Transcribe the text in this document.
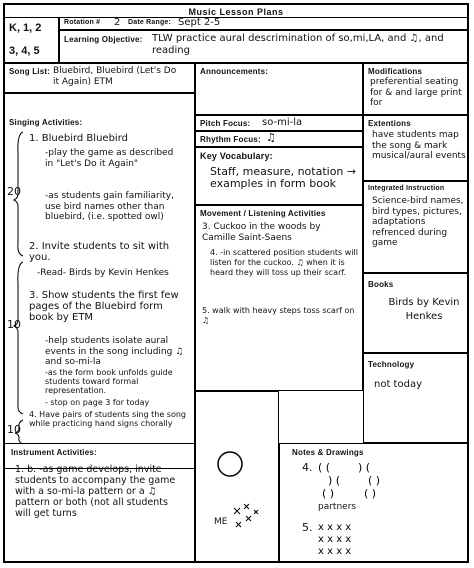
Music Lesson Plans
K, 1, 2
3, 4, 5
Rotation # 2 Date Range: Sept 2-5
Learning Objective: TLW practice aural descrimination of so,mi,LA, and ♫, and reading
Song List: Bluebird, Bluebird (Let's Do it Again) ETM
Announcements:	Modifications
preferential seating for & and large print for
Singing Activities:
20
10
10
1. Bluebird Bluebird
-play the game as described in "Let's Do it Again"
-as students gain familiarity, use bird names other than bluebird, (i.e. spotted owl)
2. Invite students to sit with you.
-Read- Birds by Kevin Henkes
3. Show students the first few pages of the Bluebird form book by ETM
-help students isolate aural events in the song including ♫ and so-mi-la
-as the form book unfolds guide students toward formal representation.
- stop on page 3 for today
4. Have pairs of students sing the song while practicing hand signs chorally
Pitch Focus: so-mi-la
Rhythm Focus: ♫
Key Vocabulary:
Staff, measure, notation → examples in form book
Movement / Listening Activities
3. Cuckoo in the woods by Camille Saint-Saens
4. -in scattered position students will listen for the cuckoo. ♫ when it is heard they will toss up their scarf.
5. walk with heavy steps toss scarf on ♫
Extentions
have students map the song & mark musical/aural events
Integrated Instruction
Science-bird names, bird types, pictures, adaptations refrenced during game
Books
Birds by Kevin Henkes
Technology
not today
Instrument Activities:
1. b. -as game develops, invite students to accompany the game with a so-mi-la pattern or a ♫ pattern or both (not all students will get turns
ME
Notes & Drawings
4. ( (	) (
) (	( )
( )	( )
partners
5. x x x x
x x x x
x x x x
